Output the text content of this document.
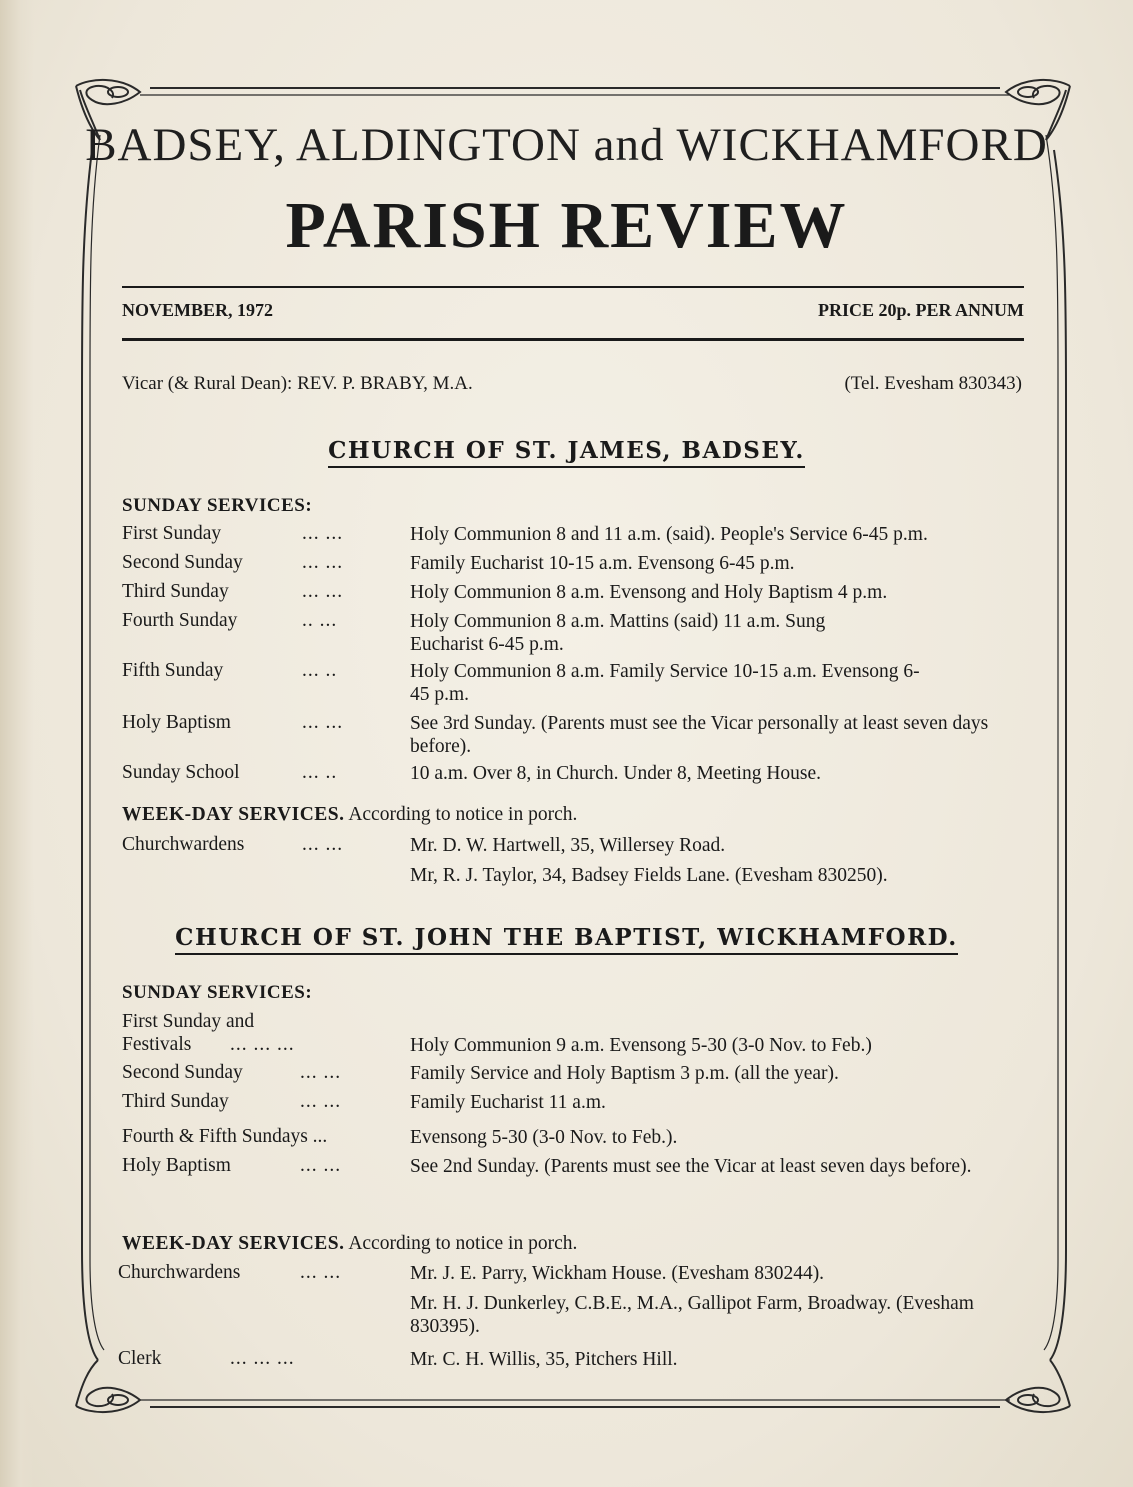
BADSEY, ALDINGTON and WICKHAMFORD
PARISH REVIEW
NOVEMBER, 1972	PRICE 20p. PER ANNUM
Vicar (& Rural Dean): REV. P. BRABY, M.A.	(Tel. Evesham 830343)
CHURCH OF ST. JAMES, BADSEY.
SUNDAY SERVICES:
First Sunday	... ...	Holy Communion 8 and 11 a.m. (said). People's Service 6-45 p.m.
Second Sunday	... ...	Family Eucharist 10-15 a.m. Evensong 6-45 p.m.
Third Sunday	... ...	Holy Communion 8 a.m. Evensong and Holy Baptism 4 p.m.
Fourth Sunday	.. ...	Holy Communion 8 a.m. Mattins (said) 11 a.m. Sung Eucharist 6-45 p.m.
Fifth Sunday	... ..	Holy Communion 8 a.m. Family Service 10-15 a.m. Evensong 6-45 p.m.
Holy Baptism	... ...	See 3rd Sunday. (Parents must see the Vicar personally at least seven days before).
Sunday School	... ..	10 a.m. Over 8, in Church. Under 8, Meeting House.
WEEK-DAY SERVICES. According to notice in porch.
Churchwardens	... ...	Mr. D. W. Hartwell, 35, Willersey Road.
Mr, R. J. Taylor, 34, Badsey Fields Lane. (Evesham 830250).
CHURCH OF ST. JOHN THE BAPTIST, WICKHAMFORD.
SUNDAY SERVICES:
First Sunday and
Festivals ... ... ...	Holy Communion 9 a.m. Evensong 5-30 (3-0 Nov. to Feb.)
Second Sunday	... ...	Family Service and Holy Baptism 3 p.m. (all the year).
Third Sunday	... ...	Family Eucharist 11 a.m.
Fourth & Fifth Sundays ...	Evensong 5-30 (3-0 Nov. to Feb.).
Holy Baptism	... ...	See 2nd Sunday. (Parents must see the Vicar at least seven days before).
WEEK-DAY SERVICES. According to notice in porch.
Churchwardens	... ...	Mr. J. E. Parry, Wickham House. (Evesham 830244).
Mr. H. J. Dunkerley, C.B.E., M.A., Gallipot Farm, Broadway. (Evesham 830395).
Clerk	... ... ...	Mr. C. H. Willis, 35, Pitchers Hill.
